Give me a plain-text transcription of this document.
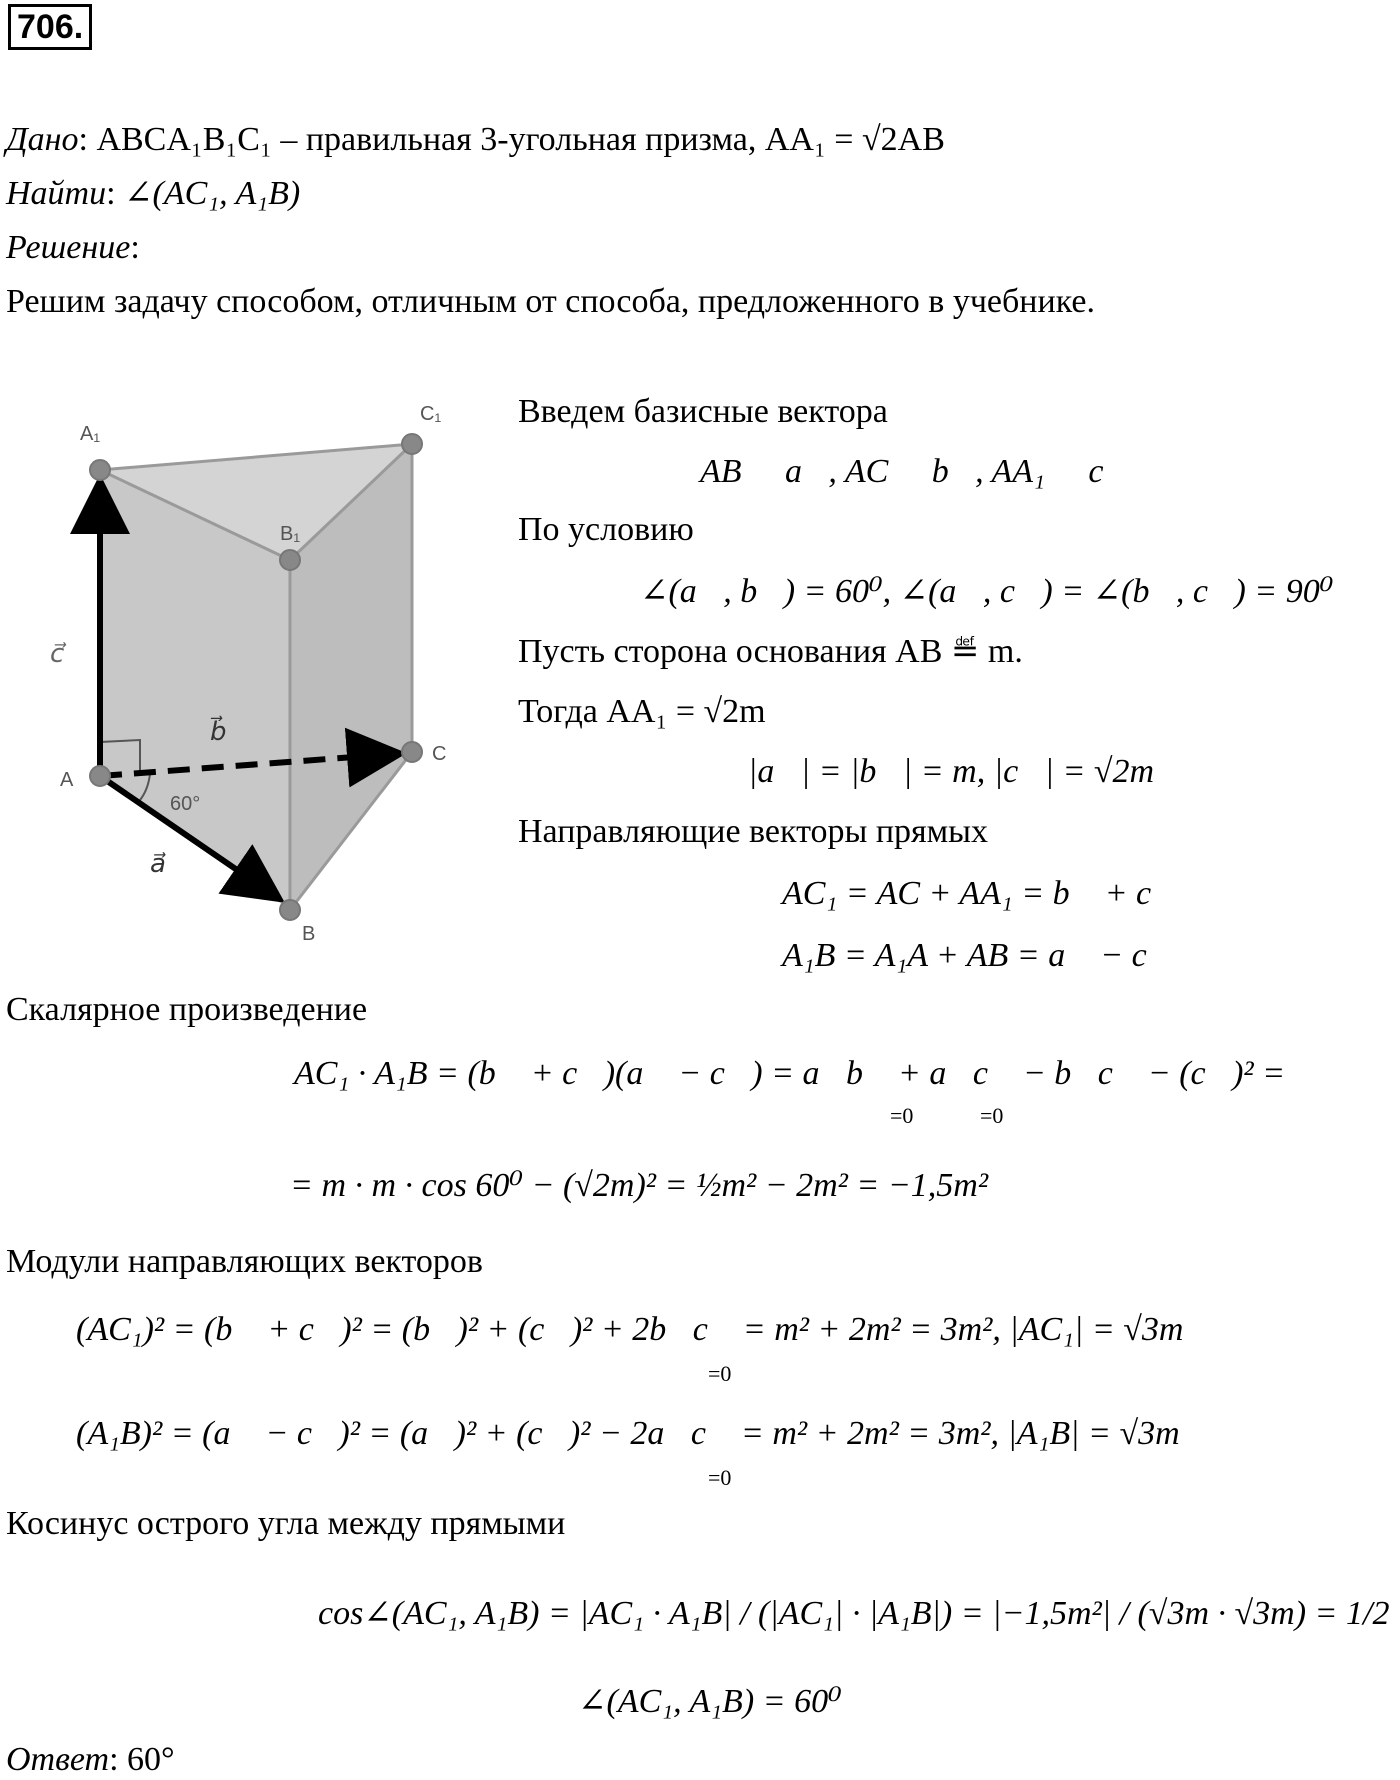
706.
Дано: ABCA₁B₁C₁ – правильная 3-угольная призма, AA₁ = √2AB
Найти: ∠(AC₁, A₁B)
Решение:
Решим задачу способом, отличным от способа, предложенного в учебнике.
A₁
C₁
B₁
A
C
B
c⃗
b⃗
a⃗
60°
Введем базисные вектора
AB ≝ a⃗, AC ≝ b⃗, AA₁ ≝ c⃗
По условию
∠(a⃗, b⃗) = 60⁰, ∠(a⃗, c⃗) = ∠(b⃗, c⃗) = 90⁰
Пусть сторона основания AB ≝ m.
Тогда AA₁ = √2m
|a⃗| = |b⃗| = m, |c⃗| = √2m
Направляющие векторы прямых
AC₁ = AC + AA₁ = b⃗ + c⃗
A₁B = A₁A + AB = a⃗ − c⃗
Скалярное произведение
AC₁ · A₁B = (b⃗ + c⃗)(a⃗ − c⃗) = a⃗b⃗ + a⃗c⃗ − b⃗c⃗ − (c⃗)² =
=0	=0
= m · m · cos 60⁰ − (√2m)² = ½m² − 2m² = −1,5m²
Модули направляющих векторов
(AC₁)² = (b⃗ + c⃗)² = (b⃗)² + (c⃗)² + 2b⃗c⃗ = m² + 2m² = 3m², |AC₁| = √3m
=0
(A₁B)² = (a⃗ − c⃗)² = (a⃗)² + (c⃗)² − 2a⃗c⃗ = m² + 2m² = 3m², |A₁B| = √3m
=0
Косинус острого угла между прямыми
cos∠(AC₁, A₁B) = |AC₁ · A₁B| / (|AC₁| · |A₁B|) = |−1,5m²| / (√3m · √3m) = 1/2
∠(AC₁, A₁B) = 60⁰
Ответ: 60°
